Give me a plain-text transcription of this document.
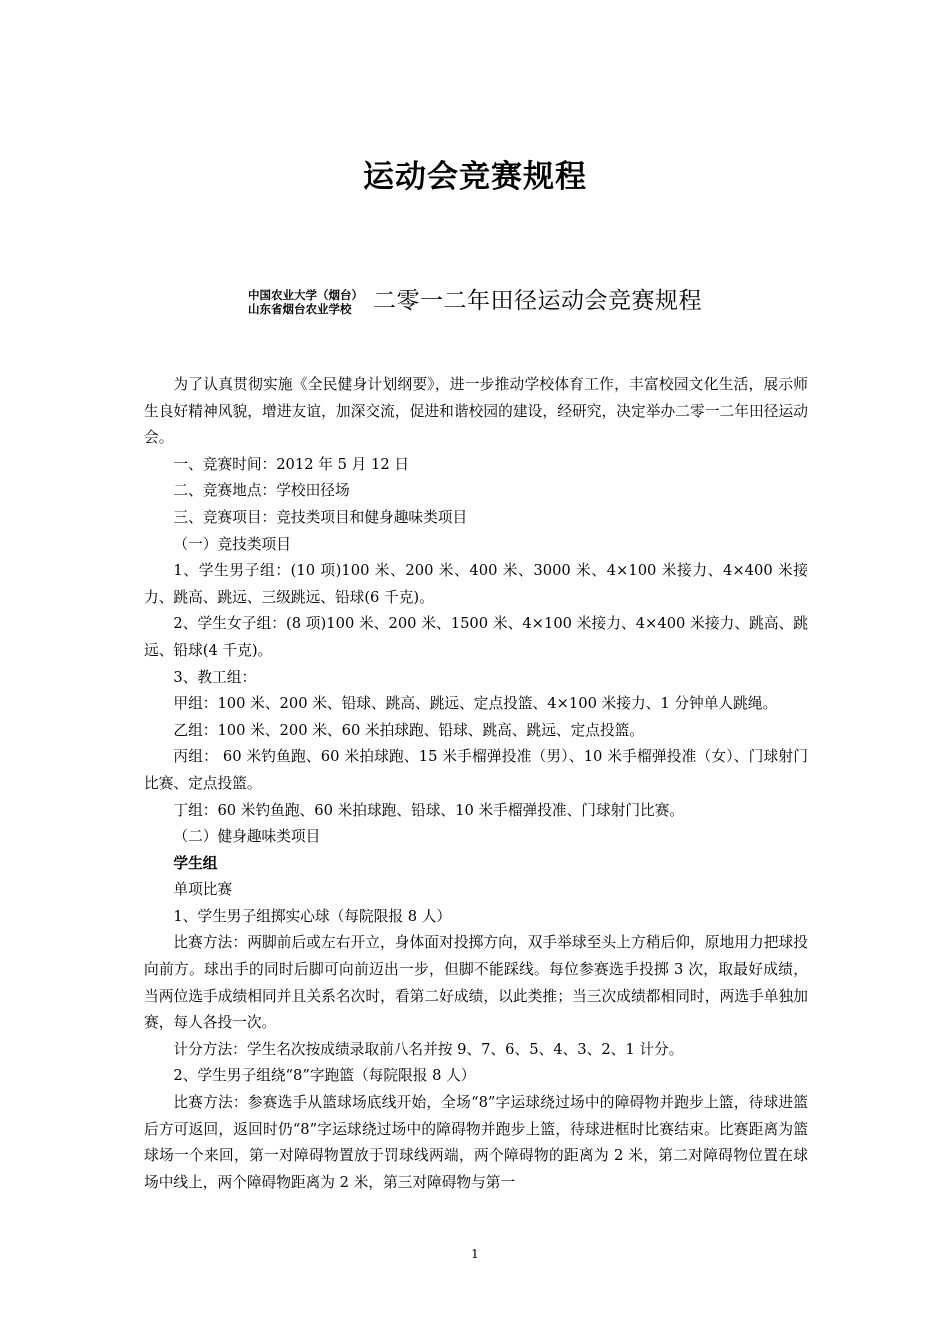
运动会竞赛规程
中国农业大学（烟台）
山东省烟台农业学校 二零一二年田径运动会竞赛规程

为了认真贯彻实施《全民健身计划纲要》，进一步推动学校体育工作，丰富校园文化生活，展示师生良好精神风貌，增进友谊，加深交流，促进和谐校园的建设，经研究，决定举办二零一二年田径运动会。

一、竞赛时间：2012 年 5 月 12 日

二、竞赛地点：学校田径场

三、竞赛项目：竞技类项目和健身趣味类项目

（一）竞技类项目

1、学生男子组：(10 项)100 米、200 米、400 米、3000 米、4×100 米接力、4×400 米接力、跳高、跳远、三级跳远、铅球(6 千克)。

2、学生女子组：(8 项)100 米、200 米、1500 米、4×100 米接力、4×400 米接力、跳高、跳远、铅球(4 千克)。

3、教工组：

甲组：100 米、200 米、铅球、跳高、跳远、定点投篮、4×100 米接力、1 分钟单人跳绳。

乙组：100 米、200 米、60 米拍球跑、铅球、跳高、跳远、定点投篮。

丙组： 60 米钓鱼跑、60 米拍球跑、15 米手榴弹投准（男）、10 米手榴弹投准（女）、门球射门比赛、定点投篮。

丁组：60 米钓鱼跑、60 米拍球跑、铅球、10 米手榴弹投准、门球射门比赛。

（二）健身趣味类项目

学生组

单项比赛

1、学生男子组掷实心球（每院限报 8 人）

比赛方法：两脚前后或左右开立，身体面对投掷方向，双手举球至头上方稍后仰，原地用力把球投向前方。球出手的同时后脚可向前迈出一步，但脚不能踩线。每位参赛选手投掷 3 次，取最好成绩，当两位选手成绩相同并且关系名次时，看第二好成绩，以此类推；当三次成绩都相同时，两选手单独加赛，每人各投一次。

计分方法：学生名次按成绩录取前八名并按 9、7、6、5、4、3、2、1 计分。

2、学生男子组绕“8”字跑篮（每院限报 8 人）

比赛方法：参赛选手从篮球场底线开始，全场“8”字运球绕过场中的障碍物并跑步上篮，待球进篮后方可返回，返回时仍“8”字运球绕过场中的障碍物并跑步上篮，待球进框时比赛结束。比赛距离为篮球场一个来回，第一对障碍物置放于罚球线两端，两个障碍物的距离为 2 米，第二对障碍物位置在球场中线上，两个障碍物距离为 2 米，第三对障碍物与第一

1
